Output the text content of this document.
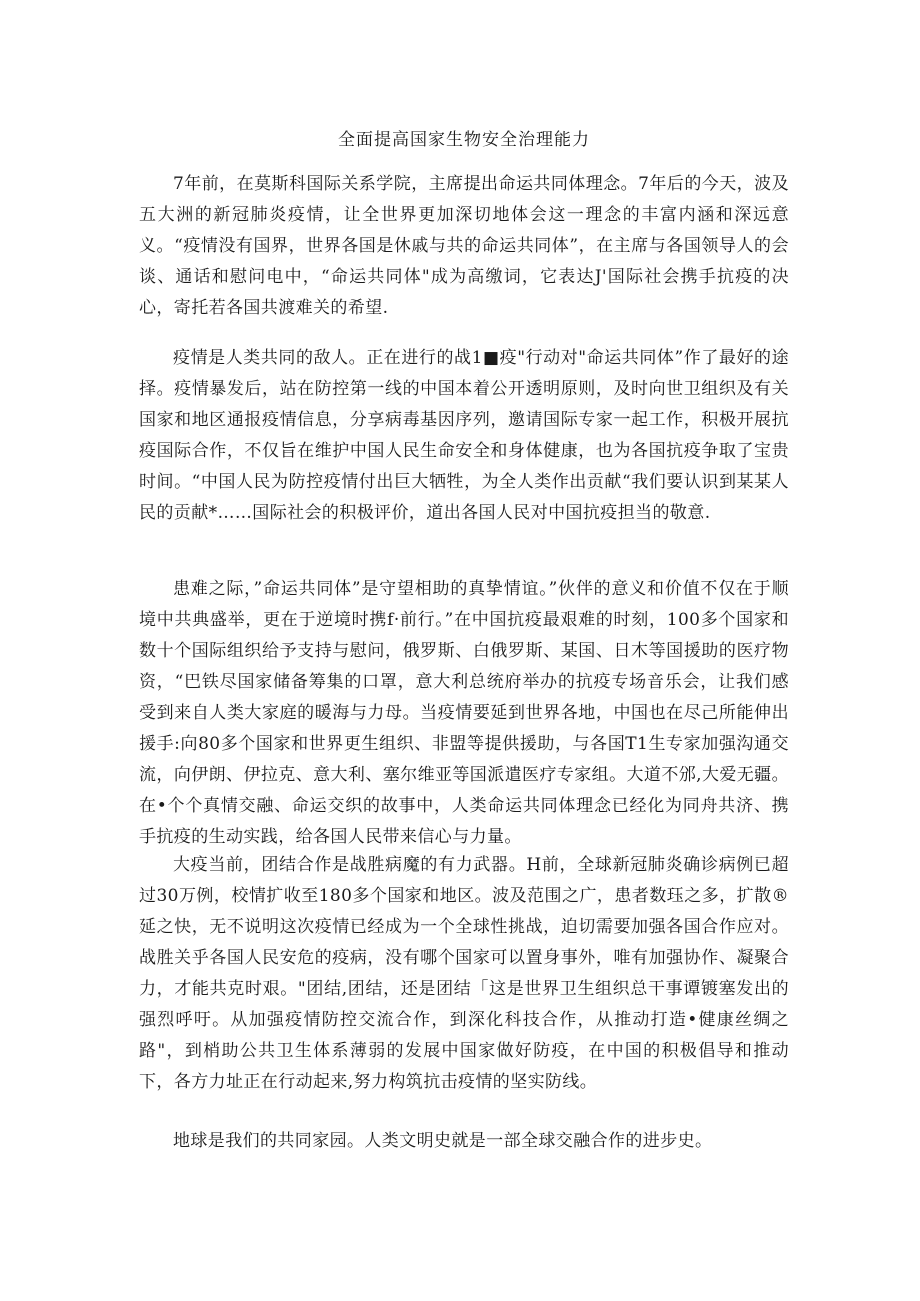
全面提高国家生物安全治理能力

7年前，在莫斯科国际关系学院，主席提出命运共同体理念。7年后的今天，波及五大洲的新冠肺炎疫情，让全世界更加深切地体会这一理念的丰富内涵和深远意义。“疫情没有国界，世界各国是休戚与共的命运共同体”，在主席与各国领导人的会谈、通话和慰问电中，“命运共同体"成为高缴词，它表达J'国际社会携手抗疫的决心，寄托若各国共渡难关的希望.

疫情是人类共同的敌人。正在进行的战1■疫"行动对"命运共同体”作了最好的途择。疫情暴发后，站在防控第一线的中国本着公开透明原则，及时向世卫组织及有关国家和地区通报疫情信息，分享病毒基因序列，邀请国际专家一起工作，积极开展抗疫国际合作，不仅旨在维护中国人民生命安全和身体健康，也为各国抗疫争取了宝贵时间。“中国人民为防控疫情付出巨大牺牲，为全人类作出贡献“我们要认识到某某人民的贡献*……国际社会的积极评价，道出各国人民对中国抗疫担当的敬意.

患难之际，”命运共同体”是守望相助的真挚情谊。”伙伴的意义和价值不仅在于顺境中共典盛举，更在于逆境时携f·前行。”在中国抗疫最艰难的时刻，100多个国家和数十个国际组织给予支持与慰问，俄罗斯、白俄罗斯、某国、日木等国援助的医疗物资，“巴铁尽国家储备筹集的口罩，意大利总统府举办的抗疫专场音乐会，让我们感受到来自人类大家庭的暖海与力母。当疫情要延到世界各地，中国也在尽己所能伸出援手:向80多个国家和世界更生组织、非盟等提供援助，与各国T1生专家加强沟通交流，向伊朗、伊拉克、意大利、塞尔维亚等国派遣医疗专家组。大道不邠,大爱无疆。在•个个真情交融、命运交织的故事中，人类命运共同体理念已经化为同舟共济、携手抗疫的生动实践，给各国人民带来信心与力量。

大疫当前，团结合作是战胜病魔的有力武器。H前，全球新冠肺炎确诊病例已超过30万例，校情扩收至180多个国家和地区。波及范围之广，患者数珏之多，扩散®延之快，无不说明这次疫情已经成为一个全球性挑战，迫切需要加强各国合作应对。战胜关乎各国人民安危的疫病，没有哪个国家可以置身事外，唯有加强协作、凝聚合力，才能共克时艰。"团结,团结，还是团结「这是世界卫生组织总干事谭镀塞发出的强烈呼吁。从加强疫情防控交流合作，到深化科技合作，从推动打造•健康丝绸之路"，到梢助公共卫生体系薄弱的发展中国家做好防疫，在中国的积极倡导和推动下，各方力址正在行动起来,努力构筑抗击疫情的坚实防线。

地球是我们的共同家园。人类文明史就是一部全球交融合作的进步史。
